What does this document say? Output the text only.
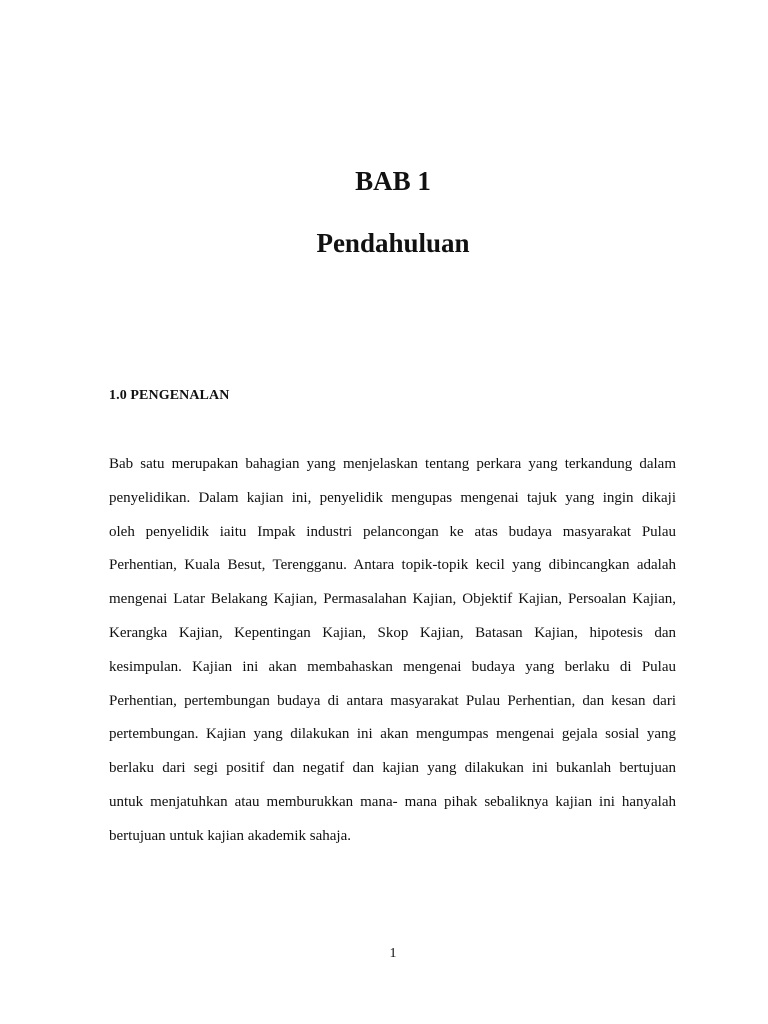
BAB 1
Pendahuluan
1.0 PENGENALAN
Bab satu merupakan bahagian yang menjelaskan tentang perkara yang terkandung dalam
penyelidikan. Dalam kajian ini, penyelidik mengupas mengenai tajuk yang ingin dikaji
oleh penyelidik iaitu Impak industri pelancongan ke atas budaya masyarakat Pulau
Perhentian, Kuala Besut, Terengganu. Antara topik-topik kecil yang dibincangkan adalah
mengenai Latar Belakang Kajian, Permasalahan Kajian, Objektif Kajian, Persoalan Kajian,
Kerangka Kajian, Kepentingan Kajian, Skop Kajian, Batasan Kajian, hipotesis dan
kesimpulan. Kajian ini akan membahaskan mengenai budaya yang berlaku di Pulau
Perhentian, pertembungan budaya di antara masyarakat Pulau Perhentian, dan kesan dari
pertembungan. Kajian yang dilakukan ini akan mengumpas mengenai gejala sosial yang
berlaku dari segi positif dan negatif dan kajian yang dilakukan ini bukanlah bertujuan
untuk menjatuhkan atau memburukkan mana- mana pihak sebaliknya kajian ini hanyalah
bertujuan untuk kajian akademik sahaja.
1
